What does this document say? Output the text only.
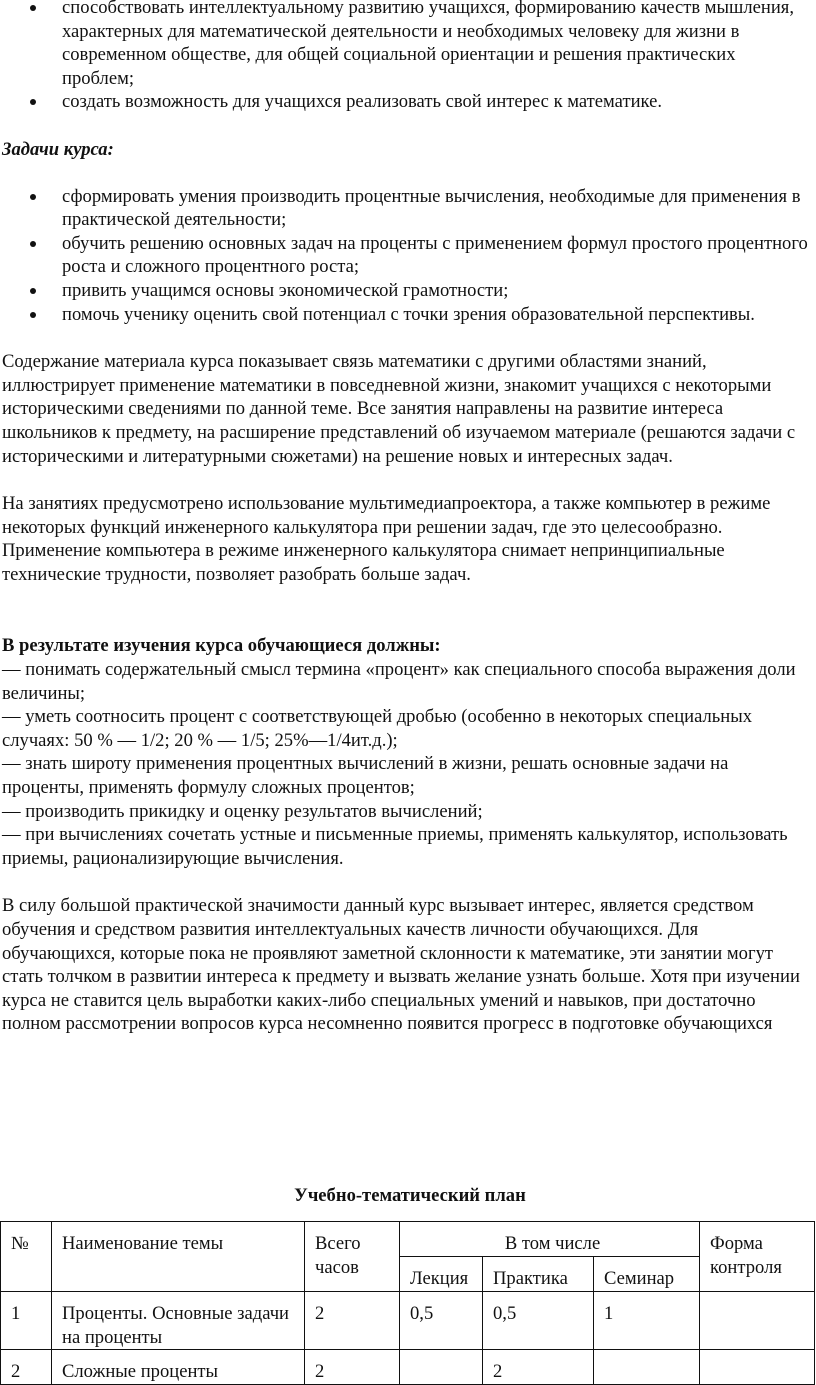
способствовать интеллектуальному развитию учащихся, формированию качеств мышления, характерных для математической деятельности и необходимых человеку для жизни в современном обществе, для общей социальной ориентации и решения практических проблем;
создать возможность для учащихся реализовать свой интерес к математике.

Задачи курса:

сформировать умения производить процентные вычисления, необходимые для применения в практической деятельности;
обучить решению основных задач на проценты с применением формул простого процентного роста и сложного процентного роста;
привить учащимся основы экономической грамотности;
помочь ученику оценить свой потенциал с точки зрения образовательной перспективы.

Содержание материала курса показывает связь математики с другими областями знаний, иллюстрирует применение математики в повседневной жизни, знакомит учащихся с некоторыми историческими сведениями по данной теме. Все занятия направлены на развитие интереса школьников к предмету, на расширение представлений об изучаемом материале (решаются задачи с историческими и литературными сюжетами) на решение новых и интересных задач.

На занятиях предусмотрено использование мультимедиапроектора, а также компьютер в режиме некоторых функций инженерного калькулятора при решении задач, где это целесообразно. Применение компьютера в режиме инженерного калькулятора снимает непринципиальные технические трудности, позволяет разобрать больше задач.

В результате изучения курса обучающиеся должны:

— понимать содержательный смысл термина «процент» как специального способа выражения доли величины;

— уметь соотносить процент с соответствующей дробью (особенно в некоторых специальных случаях: 50 % — 1/2; 20 % — 1/5; 25%—1/4ит.д.);

— знать широту применения процентных вычислений в жизни, решать основные задачи на проценты, применять формулу сложных процентов;

— производить прикидку и оценку результатов вычислений;

— при вычислениях сочетать устные и письменные приемы, применять калькулятор, использовать приемы, рационализирующие вычисления.

В силу большой практической значимости данный курс вызывает интерес, является средством обучения и средством развития интеллектуальных качеств личности обучающихся. Для обучающихся, которые пока не проявляют заметной склонности к математике, эти занятии могут стать толчком в развитии интереса к предмету и вызвать желание узнать больше. Хотя при изучении курса не ставится цель выработки каких-либо специальных умений и навыков, при достаточно полном рассмотрении вопросов курса несомненно появится прогресс в подготовке обучающихся

Учебно-тематический план

№	Наименование темы	Всего часов	В том числе			Форма контроля
			Лекция	Практика	Семинар	
1	Проценты. Основные задачи на проценты	2	0,5	0,5	1	
2	Сложные проценты	2		2		
